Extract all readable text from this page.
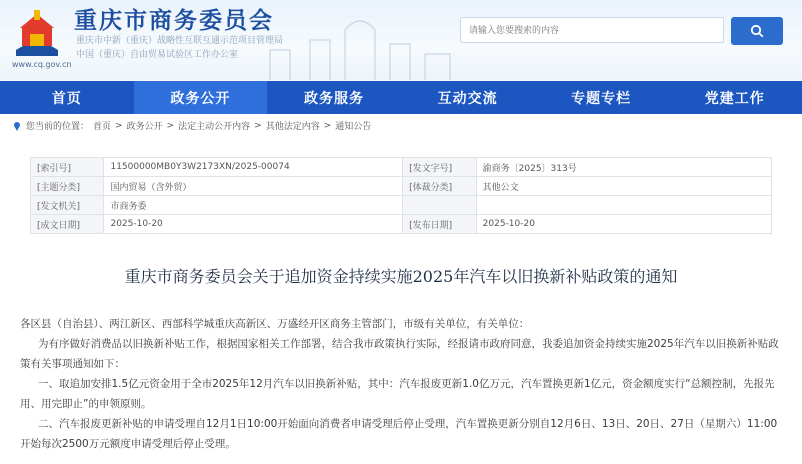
重庆市商务委员会
重庆市中新（重庆）战略性互联互通示范项目管理局
中国（重庆）自由贸易试验区工作办公室
www.cq.gov.cn
请输入您要搜索的内容
首页	政务公开	政务服务	互动交流	专题专栏	党建工作
您当前的位置： 首页 > 政务公开 > 法定主动公开内容 > 其他法定内容 > 通知公告
[索引号]	11500000MB0Y3W2173XN/2025-00074	[发文字号]	渝商务〔2025〕313号
[主题分类]	国内贸易（含外贸）	[体裁分类]	其他公文
[发文机关]	市商务委		
[成文日期]	2025-10-20	[发布日期]	2025-10-20
重庆市商务委员会关于追加资金持续实施2025年汽车以旧换新补贴政策的通知

各区县（自治县）、两江新区、西部科学城重庆高新区、万盛经开区商务主管部门，市级有关单位，有关单位：

为有序做好消费品以旧换新补贴工作，根据国家相关工作部署，结合我市政策执行实际，经报请市政府同意，我委追加资金持续实施2025年汽车以旧换新补贴政策有关事项通知如下：

一、取追加安排1.5亿元资金用于全市2025年12月汽车以旧换新补贴，其中：汽车报废更新1.0亿万元，汽车置换更新1亿元，资金额度实行“总额控制，先报先用、用完即止”的申领原则。

二、汽车报废更新补贴的申请受理自12月1日10:00开始面向消费者申请受理后停止受理，汽车置换更新分别自12月6日、13日、20日、27日（星期六）11:00开始每次2500万元额度申请受理后停止受理。
